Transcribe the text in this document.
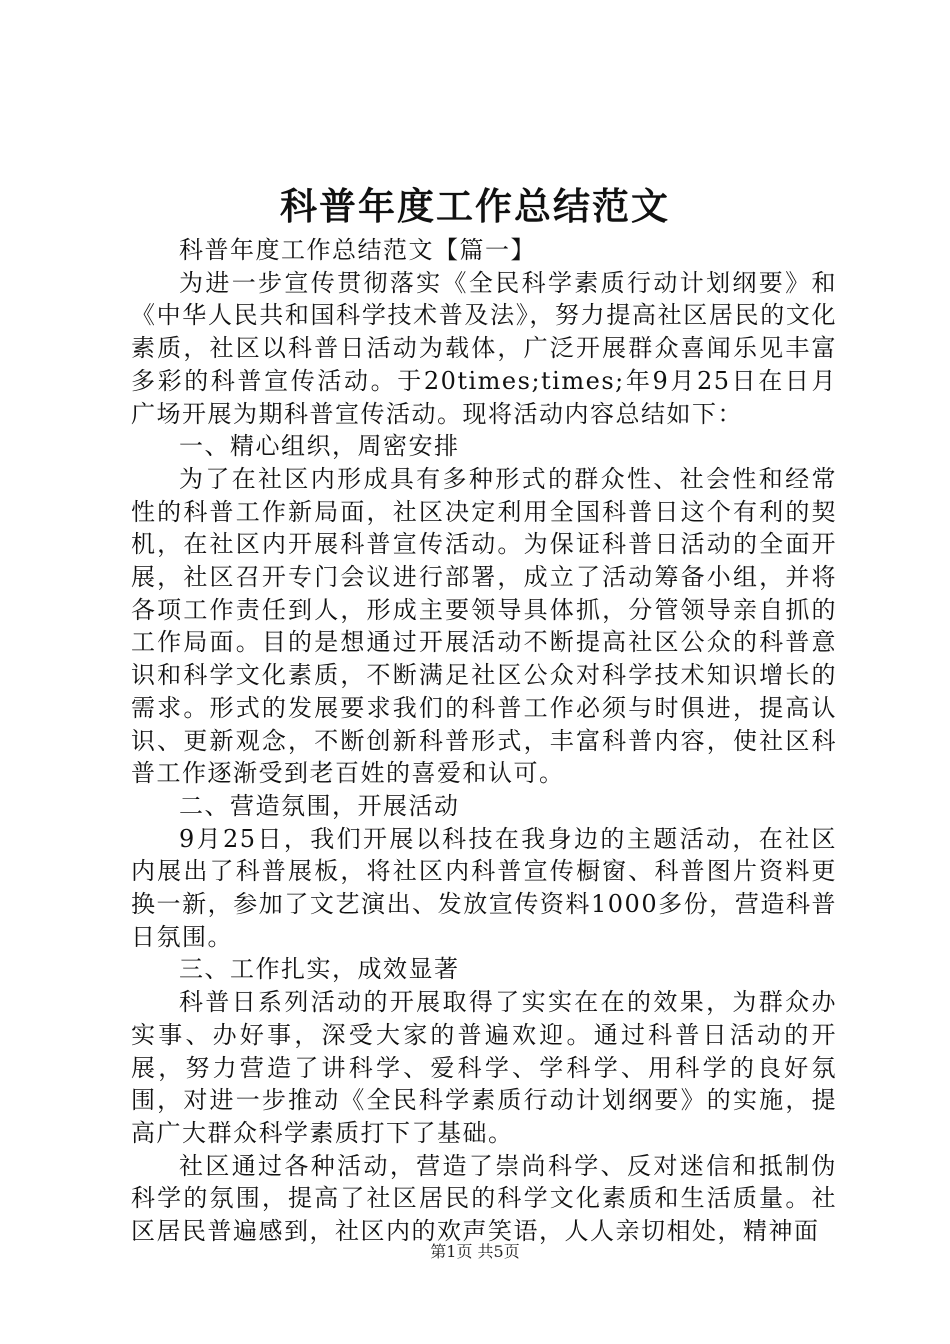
科普年度工作总结范文

科普年度工作总结范文【篇一】

为进一步宣传贯彻落实《全民科学素质行动计划纲要》和《中华人民共和国科学技术普及法》，努力提高社区居民的文化素质，社区以科普日活动为载体，广泛开展群众喜闻乐见丰富多彩的科普宣传活动。于20times;times;年9月25日在日月广场开展为期科普宣传活动。现将活动内容总结如下：

一、精心组织，周密安排

为了在社区内形成具有多种形式的群众性、社会性和经常性的科普工作新局面，社区决定利用全国科普日这个有利的契机，在社区内开展科普宣传活动。为保证科普日活动的全面开展，社区召开专门会议进行部署，成立了活动筹备小组，并将各项工作责任到人，形成主要领导具体抓，分管领导亲自抓的工作局面。目的是想通过开展活动不断提高社区公众的科普意识和科学文化素质，不断满足社区公众对科学技术知识增长的需求。形式的发展要求我们的科普工作必须与时俱进，提高认识、更新观念，不断创新科普形式，丰富科普内容，使社区科普工作逐渐受到老百姓的喜爱和认可。

二、营造氛围，开展活动

9月25日，我们开展以科技在我身边的主题活动，在社区内展出了科普展板，将社区内科普宣传橱窗、科普图片资料更换一新，参加了文艺演出、发放宣传资料1000多份，营造科普日氛围。

三、工作扎实，成效显著

科普日系列活动的开展取得了实实在在的效果，为群众办实事、办好事，深受大家的普遍欢迎。通过科普日活动的开展，努力营造了讲科学、爱科学、学科学、用科学的良好氛围，对进一步推动《全民科学素质行动计划纲要》的实施，提高广大群众科学素质打下了基础。

社区通过各种活动，营造了崇尚科学、反对迷信和抵制伪科学的氛围，提高了社区居民的科学文化素质和生活质量。社区居民普遍感到，社区内的欢声笑语，人人亲切相处，精神面

第1页 共5页
